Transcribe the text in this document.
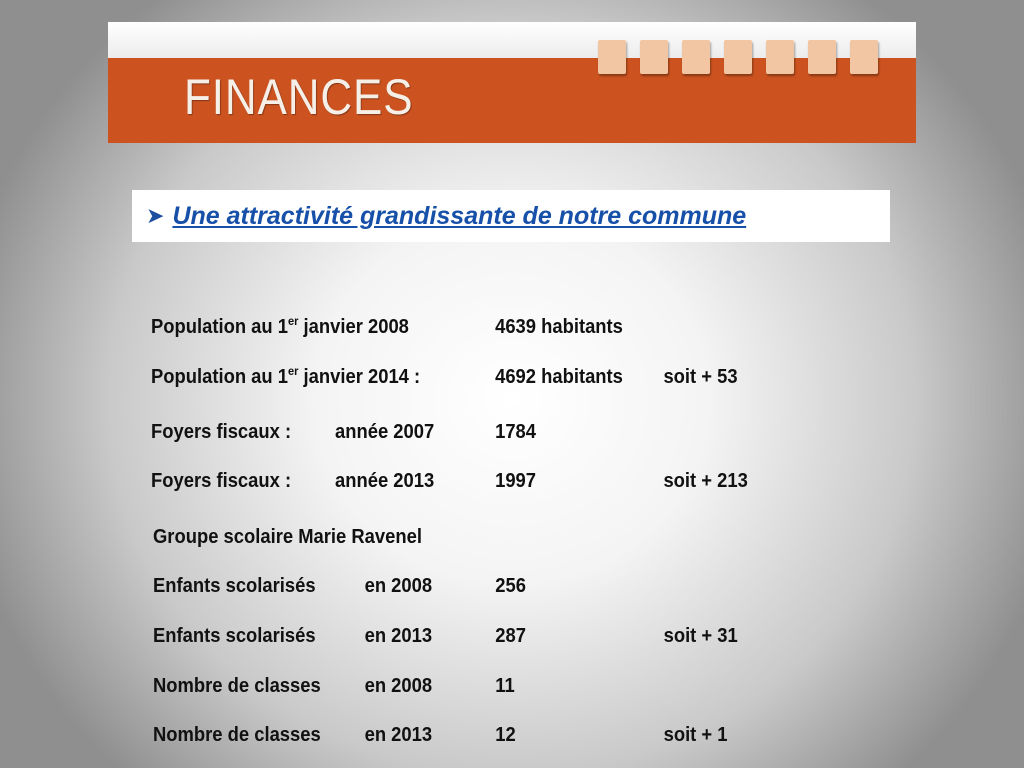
FINANCES
➤ Une attractivité grandissante de notre commune
Population au 1er janvier 2008	4639 habitants
Population au 1er janvier 2014 :	4692 habitants soit + 53
Foyers fiscaux : année 2007	1784
Foyers fiscaux : année 2013	1997	soit + 213
Groupe scolaire Marie Ravenel
Enfants scolarisés en 2008	256
Enfants scolarisés en 2013	287	soit + 31
Nombre de classes en 2008	11
Nombre de classes en 2013	12	soit + 1
